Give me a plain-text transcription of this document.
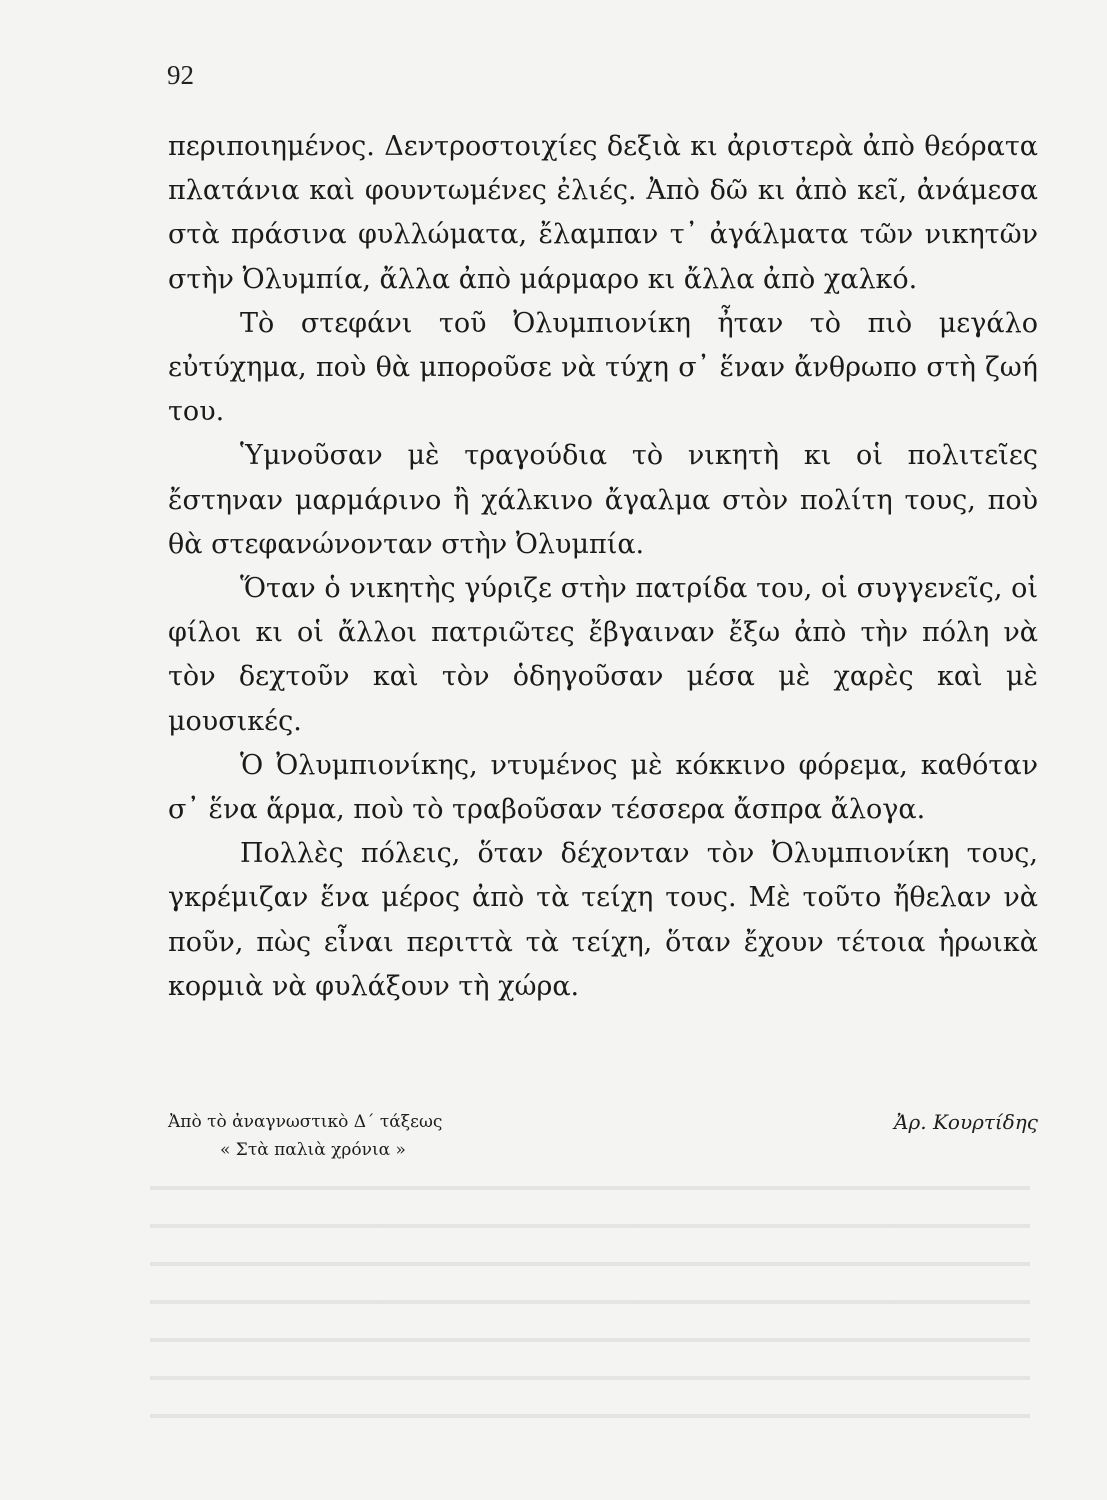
92

περιποιημένος. Δεντροστοιχίες δεξιὰ κι ἀριστερὰ ἀπὸ θεόρατα πλατάνια καὶ φουντωμένες ἐλιές. Ἀπὸ δῶ κι ἀπὸ κεῖ, ἀνάμεσα στὰ πράσινα φυλλώματα, ἔλαμπαν τ᾿ ἀγάλματα τῶν νικητῶν στὴν Ὀλυμπία, ἄλλα ἀπὸ μάρμαρο κι ἄλλα ἀπὸ χαλκό.

Τὸ στεφάνι τοῦ Ὀλυμπιονίκη ἦταν τὸ πιὸ μεγάλο εὐτύχημα, ποὺ θὰ μποροῦσε νὰ τύχη σ᾿ ἕναν ἄνθρωπο στὴ ζωή του.

Ὑμνοῦσαν μὲ τραγούδια τὸ νικητὴ κι οἱ πολιτεῖες ἔστηναν μαρμάρινο ἢ χάλκινο ἄγαλμα στὸν πολίτη τους, ποὺ θὰ στεφανώνονταν στὴν Ὀλυμπία.

Ὅταν ὁ νικητὴς γύριζε στὴν πατρίδα του, οἱ συγγενεῖς, οἱ φίλοι κι οἱ ἄλλοι πατριῶτες ἔβγαιναν ἔξω ἀπὸ τὴν πόλη νὰ τὸν δεχτοῦν καὶ τὸν ὁδηγοῦσαν μέσα μὲ χαρὲς καὶ μὲ μουσικές.

Ὁ Ὀλυμπιονίκης, ντυμένος μὲ κόκκινο φόρεμα, καθόταν σ᾿ ἕνα ἅρμα, ποὺ τὸ τραβοῦσαν τέσσερα ἄσπρα ἄλογα.

Πολλὲς πόλεις, ὅταν δέχονταν τὸν Ὀλυμπιονίκη τους, γκρέμιζαν ἕνα μέρος ἀπὸ τὰ τείχη τους. Μὲ τοῦτο ἤθελαν νὰ ποῦν, πὼς εἶναι περιττὰ τὰ τείχη, ὅταν ἔχουν τέτοια ἡρωικὰ κορμιὰ νὰ φυλάξουν τὴ χώρα.

Ἀπὸ τὸ ἀναγνωστικὸ Δ΄ τάξεως	Ἀρ. Κουρτίδης
« Στὰ παλιὰ χρόνια »
